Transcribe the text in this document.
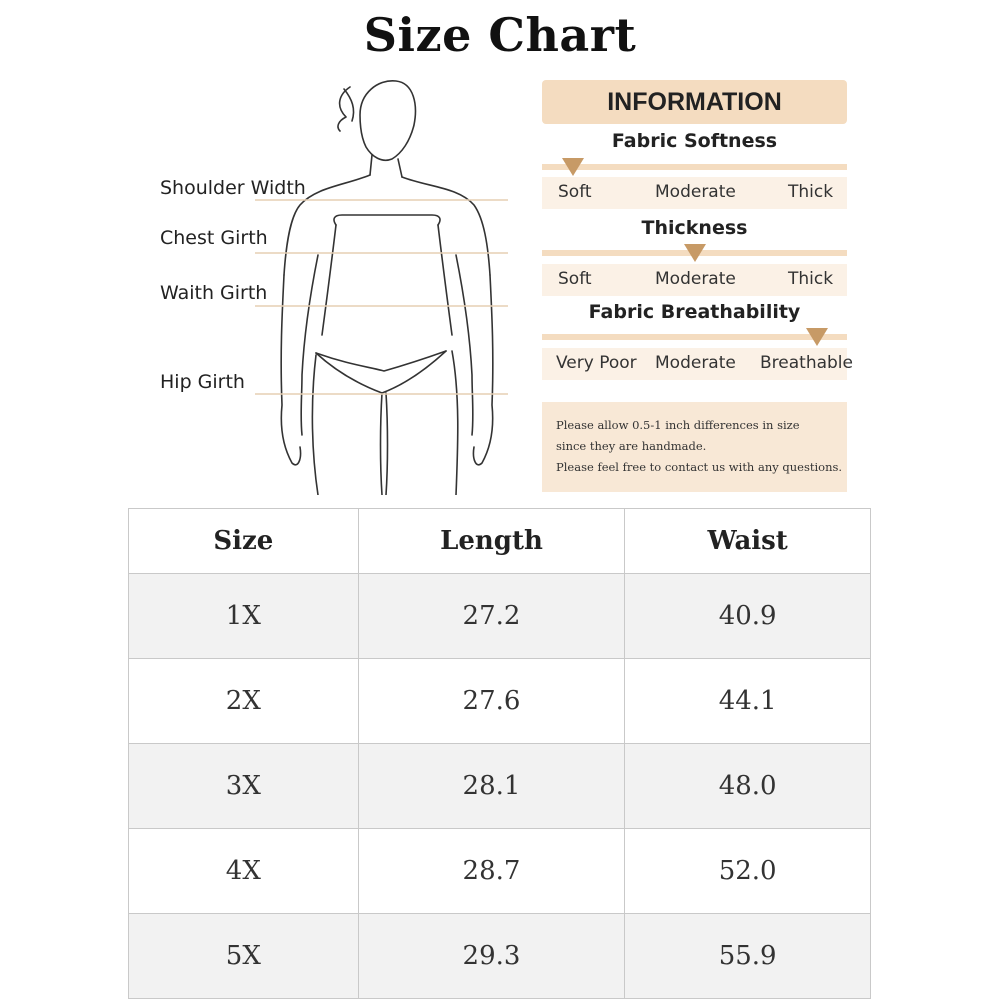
Size Chart
Shoulder Width
Chest Girth
Waith Girth
Hip Girth
INFORMATION
Fabric Softness
Soft	Moderate	Thick
Thickness
Soft	Moderate	Thick
Fabric Breathability
Very Poor Moderate Breathable
Please allow 0.5-1 inch differences in size
since they are handmade.
Please feel free to contact us with any questions.
Size	Length	Waist
1X	27.2	40.9
2X	27.6	44.1
3X	28.1	48.0
4X	28.7	52.0
5X	29.3	55.9
